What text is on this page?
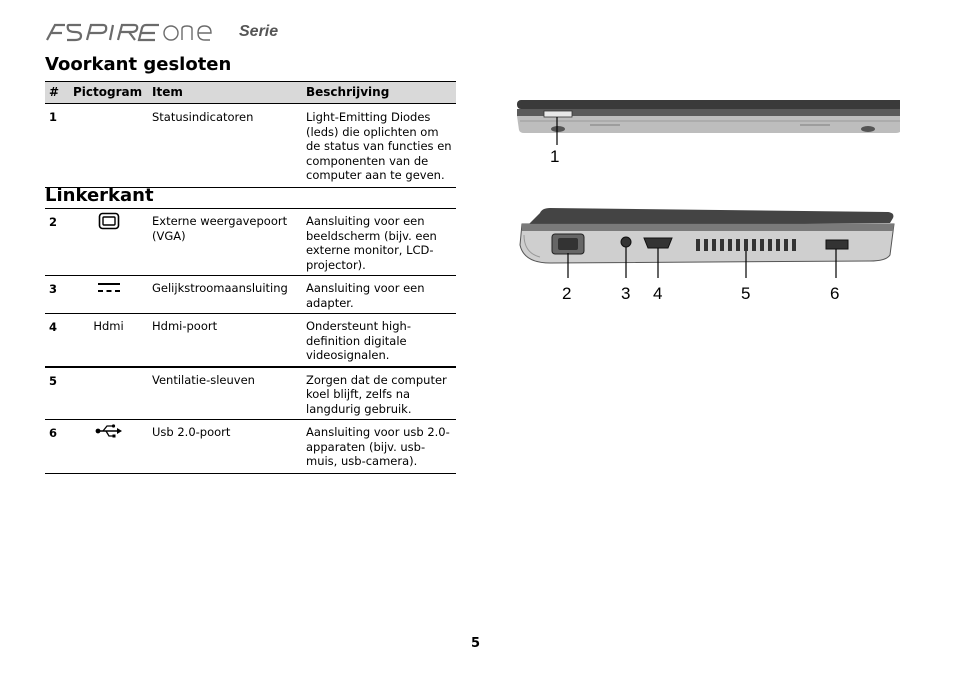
Serie
Voorkant gesloten
#	Pictogram	Item	Beschrijving
1		Statusindicatoren	Light-Emitting Diodes (leds) die oplichten om de status van functies en componenten van de computer aan te geven.
Linkerkant
2		Externe weergavepoort (VGA)	Aansluiting voor een beeldscherm (bijv. een externe monitor, LCD-projector).
3		Gelijkstroomaansluiting	Aansluiting voor een adapter.
4	Hdmi	Hdmi-poort	Ondersteunt high-definition digitale videosignalen.
5		Ventilatie-sleuven	Zorgen dat de computer koel blijft, zelfs na langdurig gebruik.
6		Usb 2.0-poort	Aansluiting voor usb 2.0-apparaten (bijv. usb-muis, usb-camera).
1
2	3 4	5	6
5
